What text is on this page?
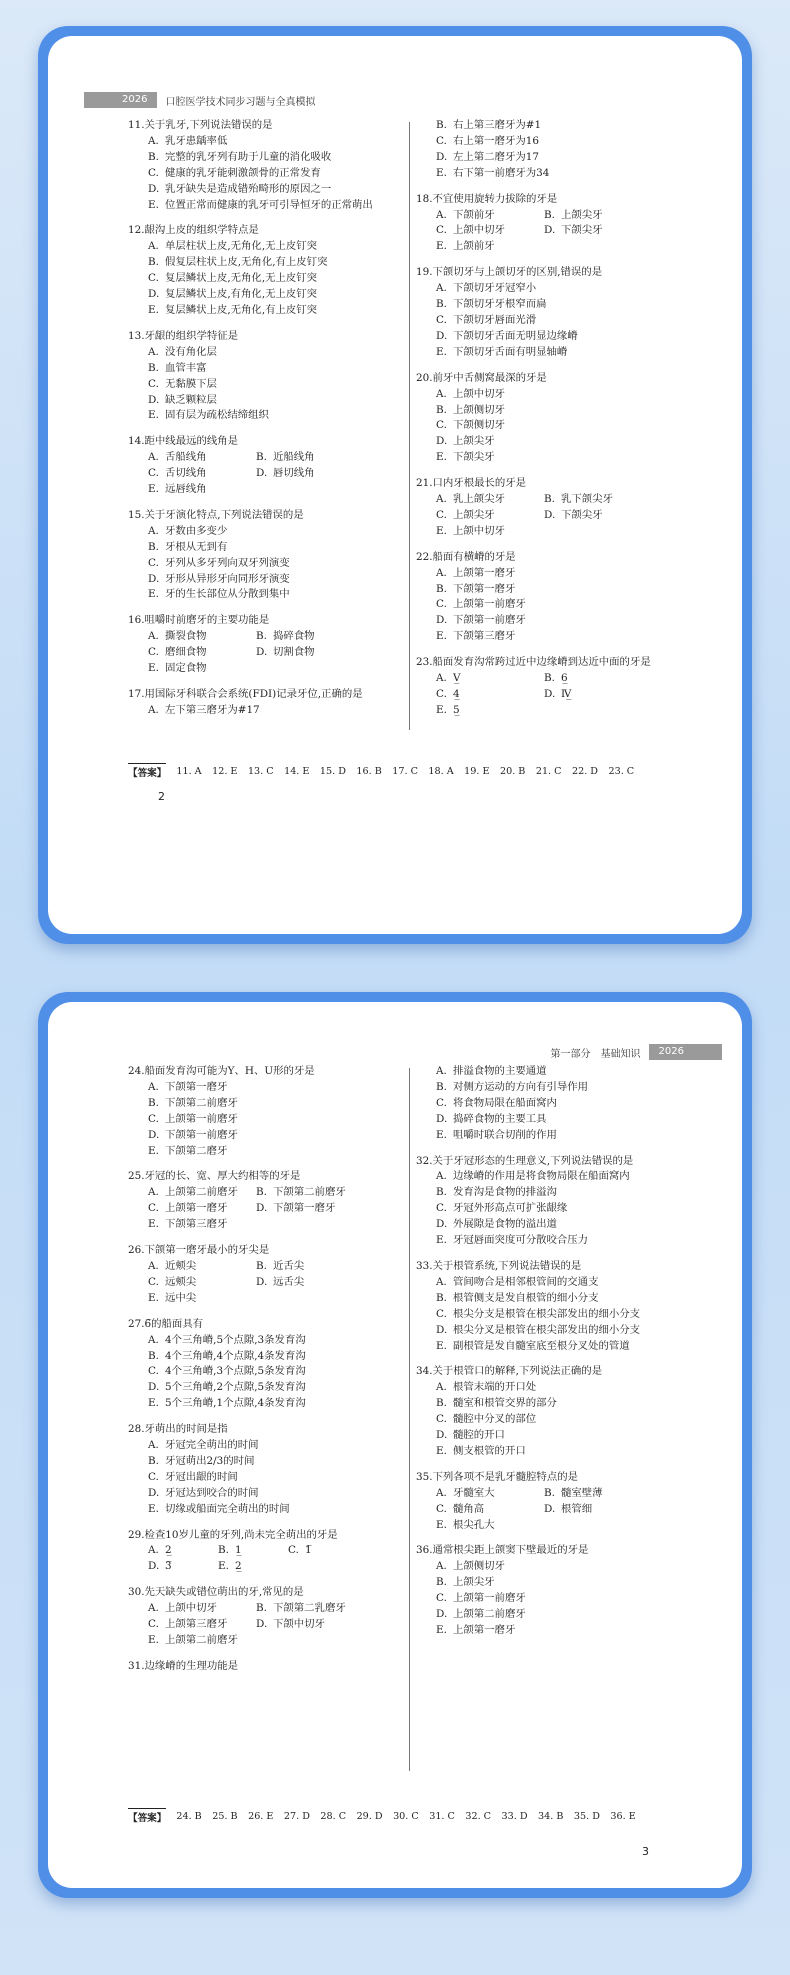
2026	口腔医学技术同步习题与全真模拟
11. 关于乳牙,下列说法错误的是
A. 乳牙患龋率低
B. 完整的乳牙列有助于儿童的消化吸收
C. 健康的乳牙能刺激颌骨的正常发育
D. 乳牙缺失是造成错殆畸形的原因之一
E. 位置正常而健康的乳牙可引导恒牙的正常萌出
12. 龈沟上皮的组织学特点是
A. 单层柱状上皮,无角化,无上皮钉突
B. 假复层柱状上皮,无角化,有上皮钉突
C. 复层鳞状上皮,无角化,无上皮钉突
D. 复层鳞状上皮,有角化,无上皮钉突
E. 复层鳞状上皮,无角化,有上皮钉突
13. 牙龈的组织学特征是
A. 没有角化层
B. 血管丰富
C. 无黏膜下层
D. 缺乏颗粒层
E. 固有层为疏松结缔组织
14. 距中线最远的线角是
A. 舌船线角	B. 近船线角
C. 舌切线角	D. 唇切线角
E. 远唇线角
15. 关于牙演化特点,下列说法错误的是
A. 牙数由多变少
B. 牙根从无到有
C. 牙列从多牙列向双牙列演变
D. 牙形从异形牙向同形牙演变
E. 牙的生长部位从分散到集中
16. 咀嚼时前磨牙的主要功能是
A. 撕裂食物	B. 捣碎食物
C. 磨细食物	D. 切割食物
E. 固定食物
17. 用国际牙科联合会系统(FDI)记录牙位,正确的是
A. 左下第三磨牙为#17
B. 右上第三磨牙为#1
C. 右上第一磨牙为16
D. 左上第二磨牙为17
E. 右下第一前磨牙为34
18. 不宜使用旋转力拔除的牙是
A. 下颌前牙	B. 上颌尖牙
C. 上颌中切牙	D. 下颌尖牙
E. 上颌前牙
19. 下颌切牙与上颌切牙的区别,错误的是
A. 下颌切牙牙冠窄小
B. 下颌切牙牙根窄而扁
C. 下颌切牙唇面光滑
D. 下颌切牙舌面无明显边缘嵴
E. 下颌切牙舌面有明显轴嵴
20. 前牙中舌侧窝最深的牙是
A. 上颌中切牙
B. 上颌侧切牙
C. 下颌侧切牙
D. 上颌尖牙
E. 下颌尖牙
21. 口内牙根最长的牙是
A. 乳上颌尖牙	B. 乳下颌尖牙
C. 上颌尖牙	D. 下颌尖牙
E. 上颌中切牙
22. 船面有横嵴的牙是
A. 上颌第一磨牙
B. 下颌第一磨牙
C. 上颌第一前磨牙
D. 下颌第一前磨牙
E. 下颌第三磨牙
23. 船面发育沟常跨过近中边缘嵴到达近中面的牙是
A. V̲	B. 6̲
C. 4̲	D. Ⅳ̲
E. 5̲
【答案】 11. A 12. E 13. C 14. E 15. D 16. B 17. C 18. A 19. E 20. B 21. C 22. D 23. C
2
第一部分　基础知识	2026
24. 船面发育沟可能为Y、H、U形的牙是
A. 下颌第一磨牙
B. 下颌第二前磨牙
C. 上颌第一前磨牙
D. 下颌第一前磨牙
E. 下颌第二磨牙
25. 牙冠的长、宽、厚大约相等的牙是
A. 上颌第二前磨牙 B. 下颌第二前磨牙
C. 上颌第一磨牙	D. 下颌第一磨牙
E. 下颌第三磨牙
26. 下颌第一磨牙最小的牙尖是
A. 近颊尖	B. 近舌尖
C. 远颊尖	D. 远舌尖
E. 远中尖
27. 6̅的船面具有
A. 4个三角嵴,5个点隙,3条发育沟
B. 4个三角嵴,4个点隙,4条发育沟
C. 4个三角嵴,3个点隙,5条发育沟
D. 5个三角嵴,2个点隙,5条发育沟
E. 5个三角嵴,1个点隙,4条发育沟
28. 牙萌出的时间是指
A. 牙冠完全萌出的时间
B. 牙冠萌出2/3的时间
C. 牙冠出龈的时间
D. 牙冠达到咬合的时间
E. 切缘或船面完全萌出的时间
29. 检查10岁儿童的牙列,尚未完全萌出的牙是
A. 2̲	B. 1̲	C. 1̅
D. 3̅	E. 2̲
30. 先天缺失或错位萌出的牙,常见的是
A. 上颌中切牙	B. 下颌第二乳磨牙
C. 上颌第三磨牙	D. 下颌中切牙
E. 上颌第二前磨牙
31. 边缘嵴的生理功能是
A. 排溢食物的主要通道
B. 对侧方运动的方向有引导作用
C. 将食物局限在船面窝内
D. 捣碎食物的主要工具
E. 咀嚼时联合切削的作用
32. 关于牙冠形态的生理意义,下列说法错误的是
A. 边缘嵴的作用是将食物局限在船面窝内
B. 发育沟是食物的排溢沟
C. 牙冠外形高点可扩张龈缘
D. 外展隙是食物的溢出道
E. 牙冠唇面突度可分散咬合压力
33. 关于根管系统,下列说法错误的是
A. 管间吻合是相邻根管间的交通支
B. 根管侧支是发自根管的细小分支
C. 根尖分支是根管在根尖部发出的细小分支
D. 根尖分叉是根管在根尖部发出的细小分支
E. 副根管是发自髓室底至根分叉处的管道
34. 关于根管口的解释,下列说法正确的是
A. 根管末端的开口处
B. 髓室和根管交界的部分
C. 髓腔中分叉的部位
D. 髓腔的开口
E. 侧支根管的开口
35. 下列各项不是乳牙髓腔特点的是
A. 牙髓室大	B. 髓室壁薄
C. 髓角高	D. 根管细
E. 根尖孔大
36. 通常根尖距上颌窦下壁最近的牙是
A. 上颌侧切牙
B. 上颌尖牙
C. 上颌第一前磨牙
D. 上颌第二前磨牙
E. 上颌第一磨牙
【答案】 24. B 25. B 26. E 27. D 28. C 29. D 30. C 31. C 32. C 33. D 34. B 35. D 36. E
3
